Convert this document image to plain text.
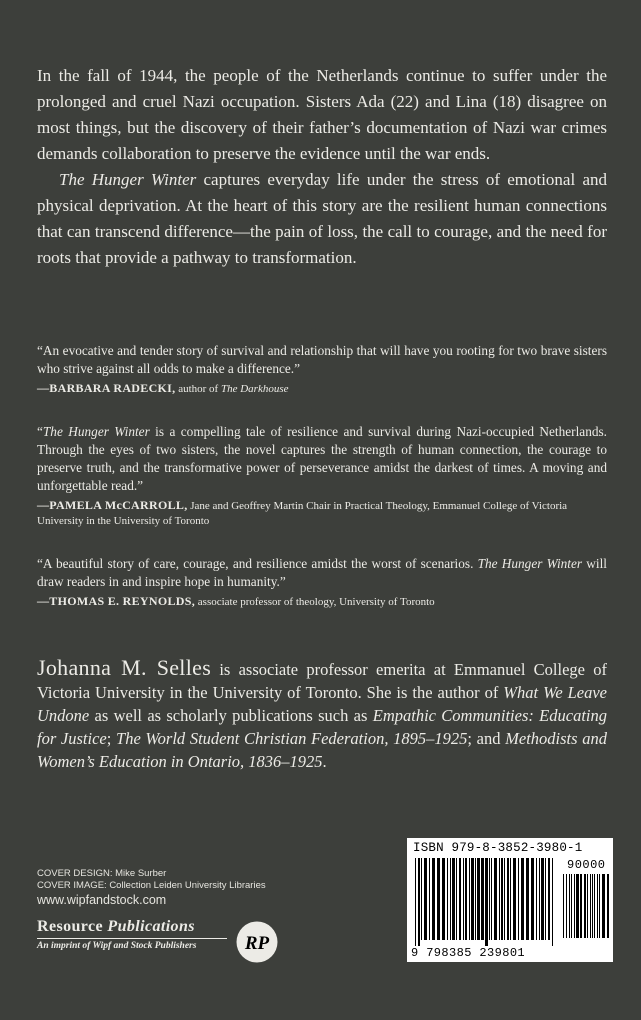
In the fall of 1944, the people of the Netherlands continue to suffer under the prolonged and cruel Nazi occupation. Sisters Ada (22) and Lina (18) disagree on most things, but the discovery of their father’s documentation of Nazi war crimes demands collaboration to preserve the evidence until the war ends.

The Hunger Winter captures everyday life under the stress of emotional and physical deprivation. At the heart of this story are the resilient human connections that can transcend difference—the pain of loss, the call to courage, and the need for roots that provide a pathway to transformation.

“An evocative and tender story of survival and relationship that will have you rooting for two brave sisters who strive against all odds to make a difference.”

—BARBARA RADECKI, author of The Darkhouse

“The Hunger Winter is a compelling tale of resilience and survival during Nazi-occupied Netherlands. Through the eyes of two sisters, the novel captures the strength of human connection, the courage to preserve truth, and the transformative power of perseverance amidst the darkest of times. A moving and unforgettable read.”

—PAMELA McCARROLL, Jane and Geoffrey Martin Chair in Practical Theology, Emmanuel College of Victoria University in the University of Toronto

“A beautiful story of care, courage, and resilience amidst the worst of scenarios. The Hunger Winter will draw readers in and inspire hope in humanity.”

—THOMAS E. REYNOLDS, associate professor of theology, University of Toronto

Johanna M. Selles is associate professor emerita at Emmanuel College of Victoria University in the University of Toronto. She is the author of What We Leave Undone as well as scholarly publications such as Empathic Communities: Educating for Justice; The World Student Christian Federation, 1895–1925; and Methodists and Women’s Education in Ontario, 1836–1925.
COVER DESIGN: Mike Surber
COVER IMAGE: Collection Leiden University Libraries
www.wipfandstock.com
Resource Publications
An imprint of Wipf and Stock Publishers	RP
ISBN 979-8-3852-3980-1
9 798385 239801
90000
